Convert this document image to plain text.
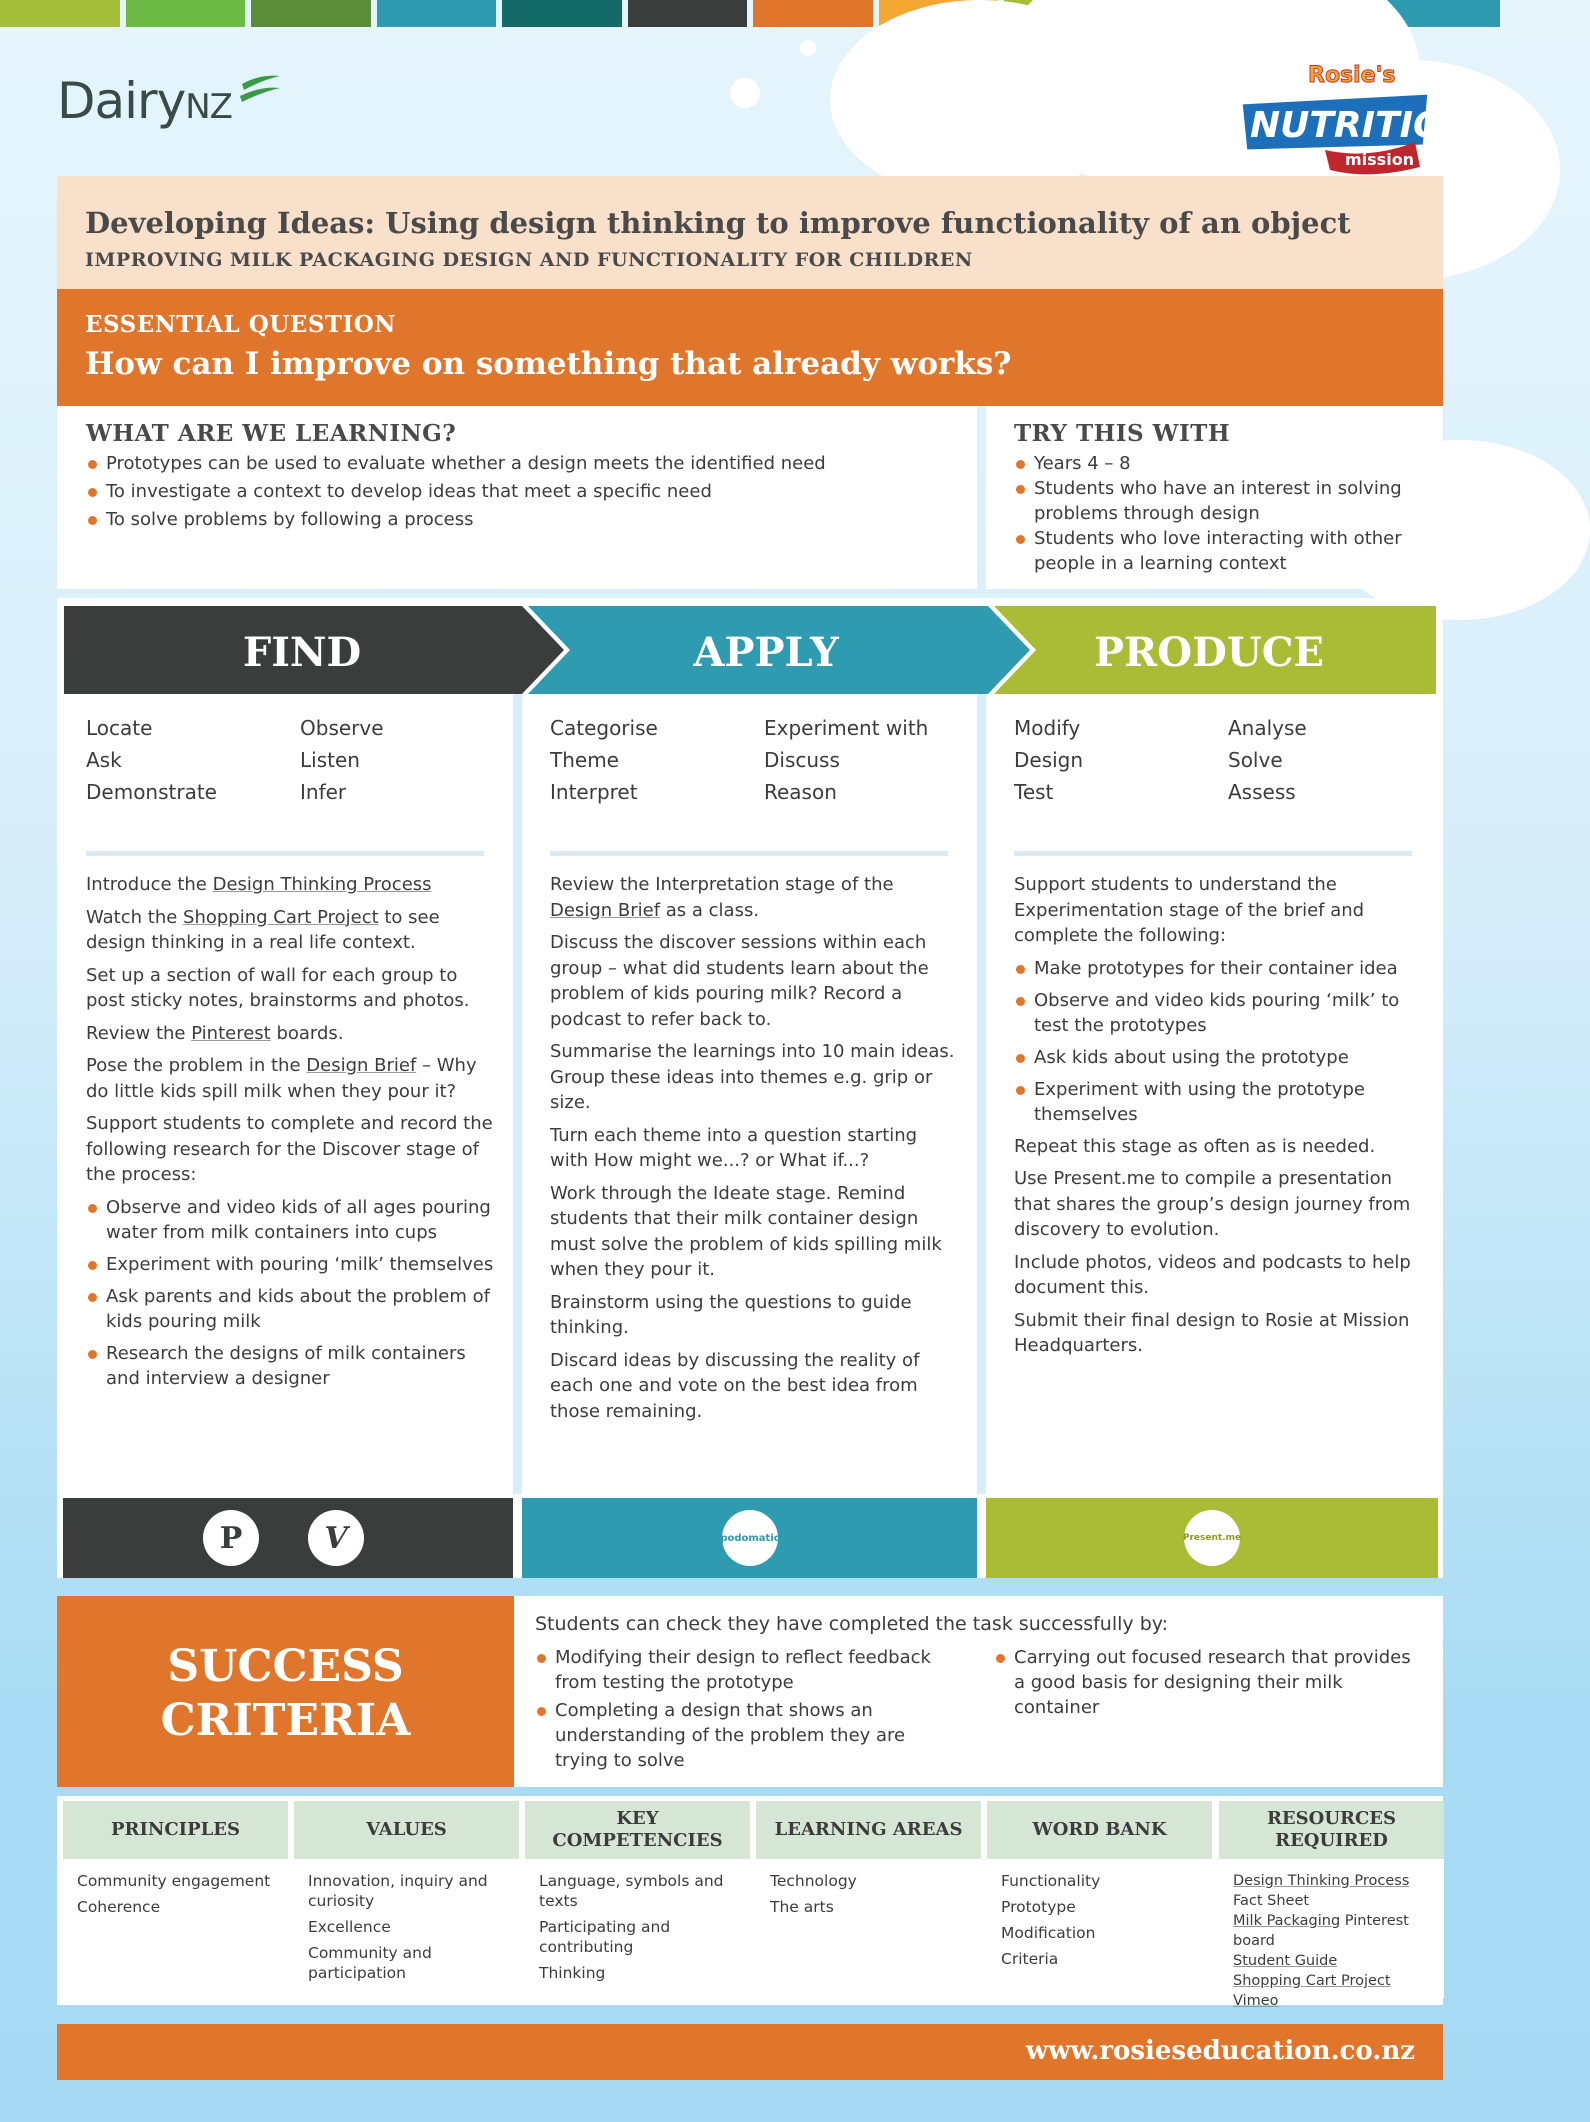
DairyNZ
Rosie's
NUTRITION
mission
Developing Ideas: Using design thinking to improve functionality of an object
IMPROVING MILK PACKAGING DESIGN AND FUNCTIONALITY FOR CHILDREN
ESSENTIAL QUESTION
How can I improve on something that already works?
WHAT ARE WE LEARNING?
Prototypes can be used to evaluate whether a design meets the identified need
To investigate a context to develop ideas that meet a specific need
To solve problems by following a process
TRY THIS WITH
Years 4 – 8
Students who have an interest in solving problems through design
Students who love interacting with other people in a learning context
FIND	APPLY	PRODUCE
Locate	Observe
Ask	Listen
Demonstrate	Infer
Categorise	Experiment with
Theme	Discuss
Interpret	Reason
Modify	Analyse
Design	Solve
Test	Assess

Introduce the Design Thinking Process

Watch the Shopping Cart Project to see design thinking in a real life context.

Set up a section of wall for each group to post sticky notes, brainstorms and photos.

Review the Pinterest boards.

Pose the problem in the Design Brief – Why do little kids spill milk when they pour it?

Support students to complete and record the following research for the Discover stage of the process:

Observe and video kids of all ages pouring water from milk containers into cups
Experiment with pouring ‘milk’ themselves
Ask parents and kids about the problem of kids pouring milk
Research the designs of milk containers and interview a designer

Review the Interpretation stage of the Design Brief as a class.

Discuss the discover sessions within each group – what did students learn about the problem of kids pouring milk? Record a podcast to refer back to.

Summarise the learnings into 10 main ideas. Group these ideas into themes e.g. grip or size.

Turn each theme into a question starting with How might we...? or What if...?

Work through the Ideate stage. Remind students that their milk container design must solve the problem of kids spilling milk when they pour it.

Brainstorm using the questions to guide thinking.

Discard ideas by discussing the reality of each one and vote on the best idea from those remaining.

Support students to understand the Experimentation stage of the brief and complete the following:

Make prototypes for their container idea
Observe and video kids pouring ‘milk’ to test the prototypes
Ask kids about using the prototype
Experiment with using the prototype themselves

Repeat this stage as often as is needed.

Use Present.me to compile a presentation that shares the group’s design journey from discovery to evolution.

Include photos, videos and podcasts to help document this.

Submit their final design to Rosie at Mission Headquarters.

P	V	podomatic	Present.me
SUCCESS
CRITERIA
Students can check they have completed the task successfully by:
Modifying their design to reflect feedback from testing the prototype
Completing a design that shows an understanding of the problem they are trying to solve
Carrying out focused research that provides a good basis for designing their milk container
PRINCIPLES
Community engagement
Coherence
VALUES
Innovation, inquiry and curiosity
Excellence
Community and participation
KEY COMPETENCIES
Language, symbols and texts
Participating and contributing
Thinking
LEARNING AREAS
Technology
The arts
WORD BANK
Functionality
Prototype
Modification
Criteria
RESOURCES REQUIRED
Design Thinking Process Fact Sheet
Milk Packaging Pinterest board
Student Guide
Shopping Cart Project Vimeo
www.rosieseducation.co.nz
